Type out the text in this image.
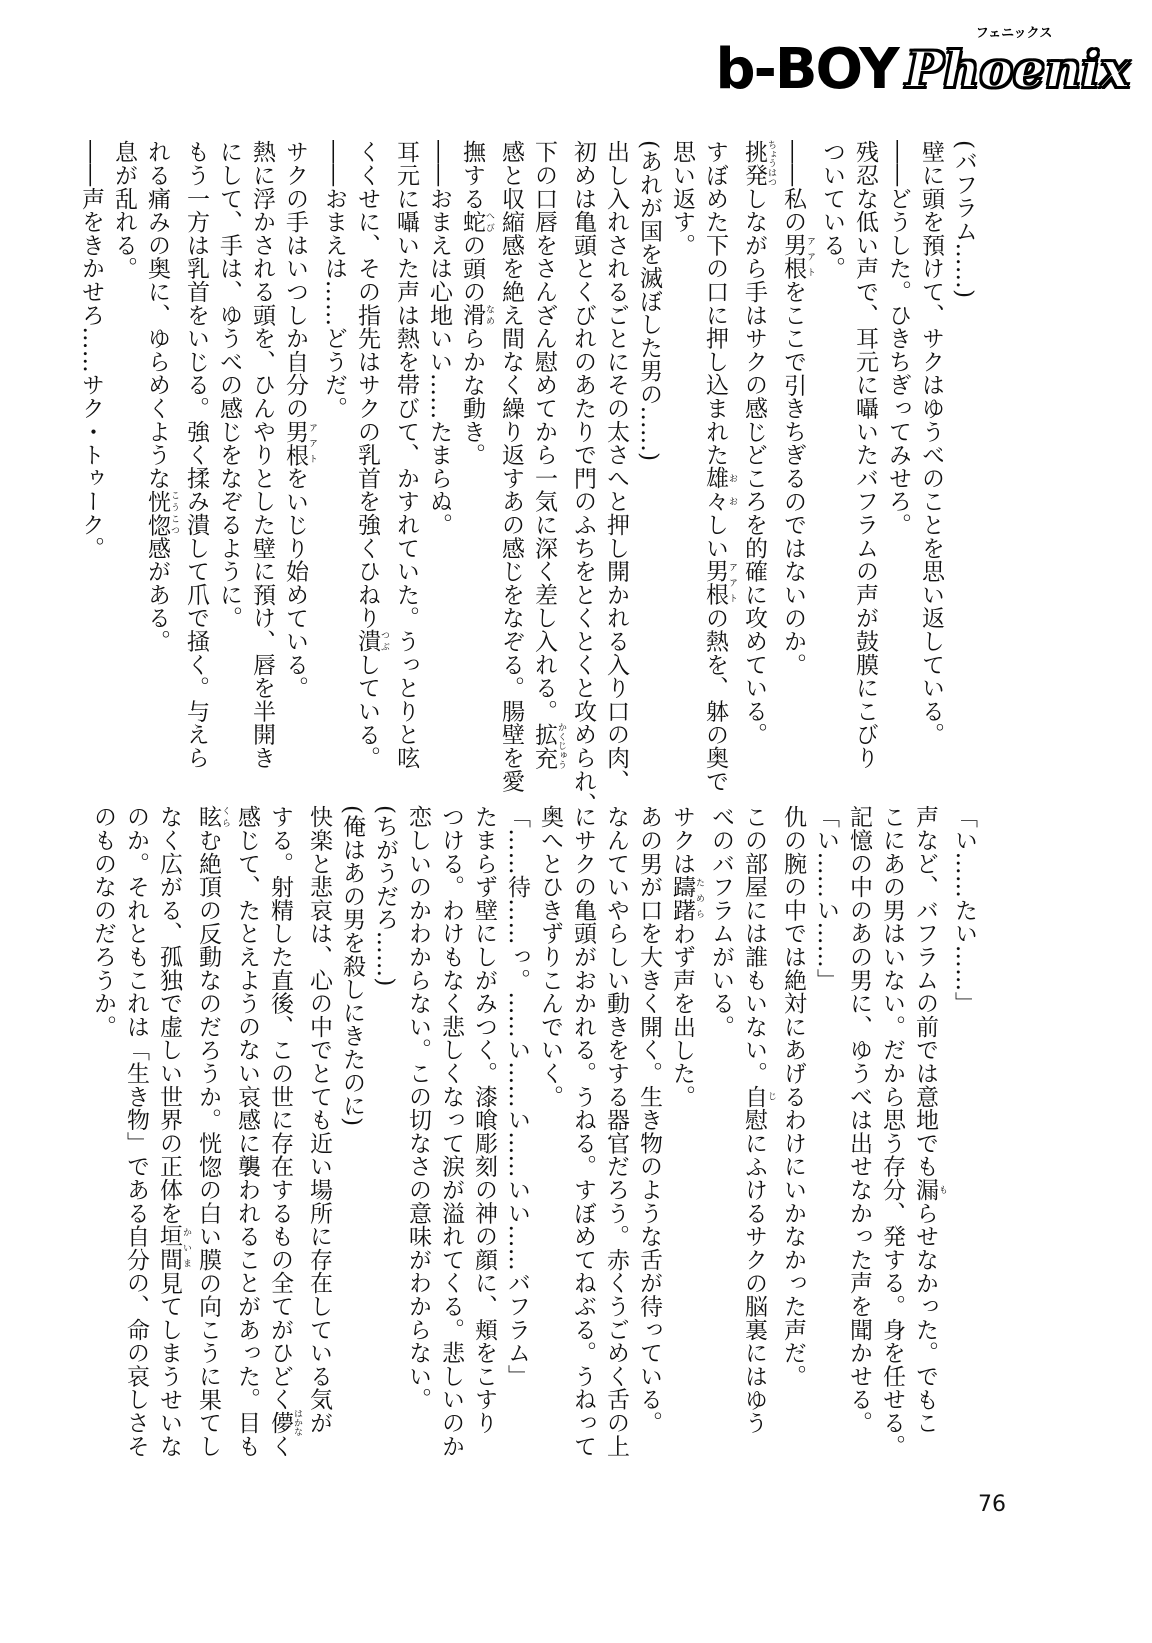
b-BOY
フェニックス
Phoenix
(バフラム……)
壁に頭を預けて、サクはゆうべのことを思い返している。
――どうした。ひきちぎってみせろ。
残忍な低い声で、耳元に囁いたバフラムの声が鼓膜にこびり
ついている。
――私の男根 アアトをここで引きちぎるのではないのか。
挑発 ちょうはつしながら手はサクの感じどころを的確に攻めている。
すぼめた下の口に押し込まれた雄々 おおしい男根 アアトの熱を、躰の奥で
思い返す。
(あれが国を滅ぼした男の……)
出し入れされるごとにその太さへと押し開かれる入り口の肉、
初めは亀頭とくびれのあたりで門のふちをとくとくと攻められ、
下の口唇をさんざん慰めてから一気に深く差し入れる。拡充 かくじゅう
感と収縮感を絶え間なく繰り返すあの感じをなぞる。腸壁を愛
撫する蛇 へびの頭の滑 なめらかな動き。
――おまえは心地いい……たまらぬ。
耳元に囁いた声は熱を帯びて、かすれていた。うっとりと呟
くくせに、その指先はサクの乳首を強くひねり潰 つぶしている。
――おまえは……どうだ。
サクの手はいつしか自分の男根 アアトをいじり始めている。
熱に浮かされる頭を、ひんやりとした壁に預け、唇を半開き
にして、手は、ゆうべの感じをなぞるように。
もう一方は乳首をいじる。強く揉み潰して爪で掻く。与えら
れる痛みの奥に、ゆらめくような恍惚 こうこつ感がある。
息が乱れる。
――声をきかせろ……サク・トゥーク。
「い……たい……」
声など、バフラムの前では意地でも漏 もらせなかった。でもこ
こにあの男はいない。だから思う存分、発する。身を任せる。
記憶の中のあの男に、ゆうべは出せなかった声を聞かせる。
「い……い……」
仇の腕の中では絶対にあげるわけにいかなかった声だ。
この部屋には誰もいない。自 じ慰にふけるサクの脳裏にはゆう
べのバフラムがいる。
サクは躊躇 ためらわず声を出した。
あの男が口を大きく開く。生き物のような舌が待っている。
なんていやらしい動きをする器官だろう。赤くうごめく舌の上
にサクの亀頭がおかれる。うねる。すぼめてねぶる。うねって
奥へとひきずりこんでいく。
「……待……っ。……い……い……いい……バフラム」
たまらず壁にしがみつく。漆喰彫刻の神の顔に、頬をこすり
つける。わけもなく悲しくなって涙が溢れてくる。悲しいのか
恋しいのかわからない。この切なさの意味がわからない。
(ちがうだろ……)
(俺はあの男を殺しにきたのに)
快楽と悲哀は、心の中でとても近い場所に存在している気が
する。射精した直後、この世に存在するもの全てがひどく儚 はかなく
感じて、たとえようのない哀感に襲われることがあった。目も
眩 くらむ絶頂の反動なのだろうか。恍惚の白い膜の向こうに果てし
なく広がる、孤独で虚しい世界の正体を垣間 かいま見てしまうせいな
のか。それともこれは「生き物」である自分の、命の哀しさそ
のものなのだろうか。
76
